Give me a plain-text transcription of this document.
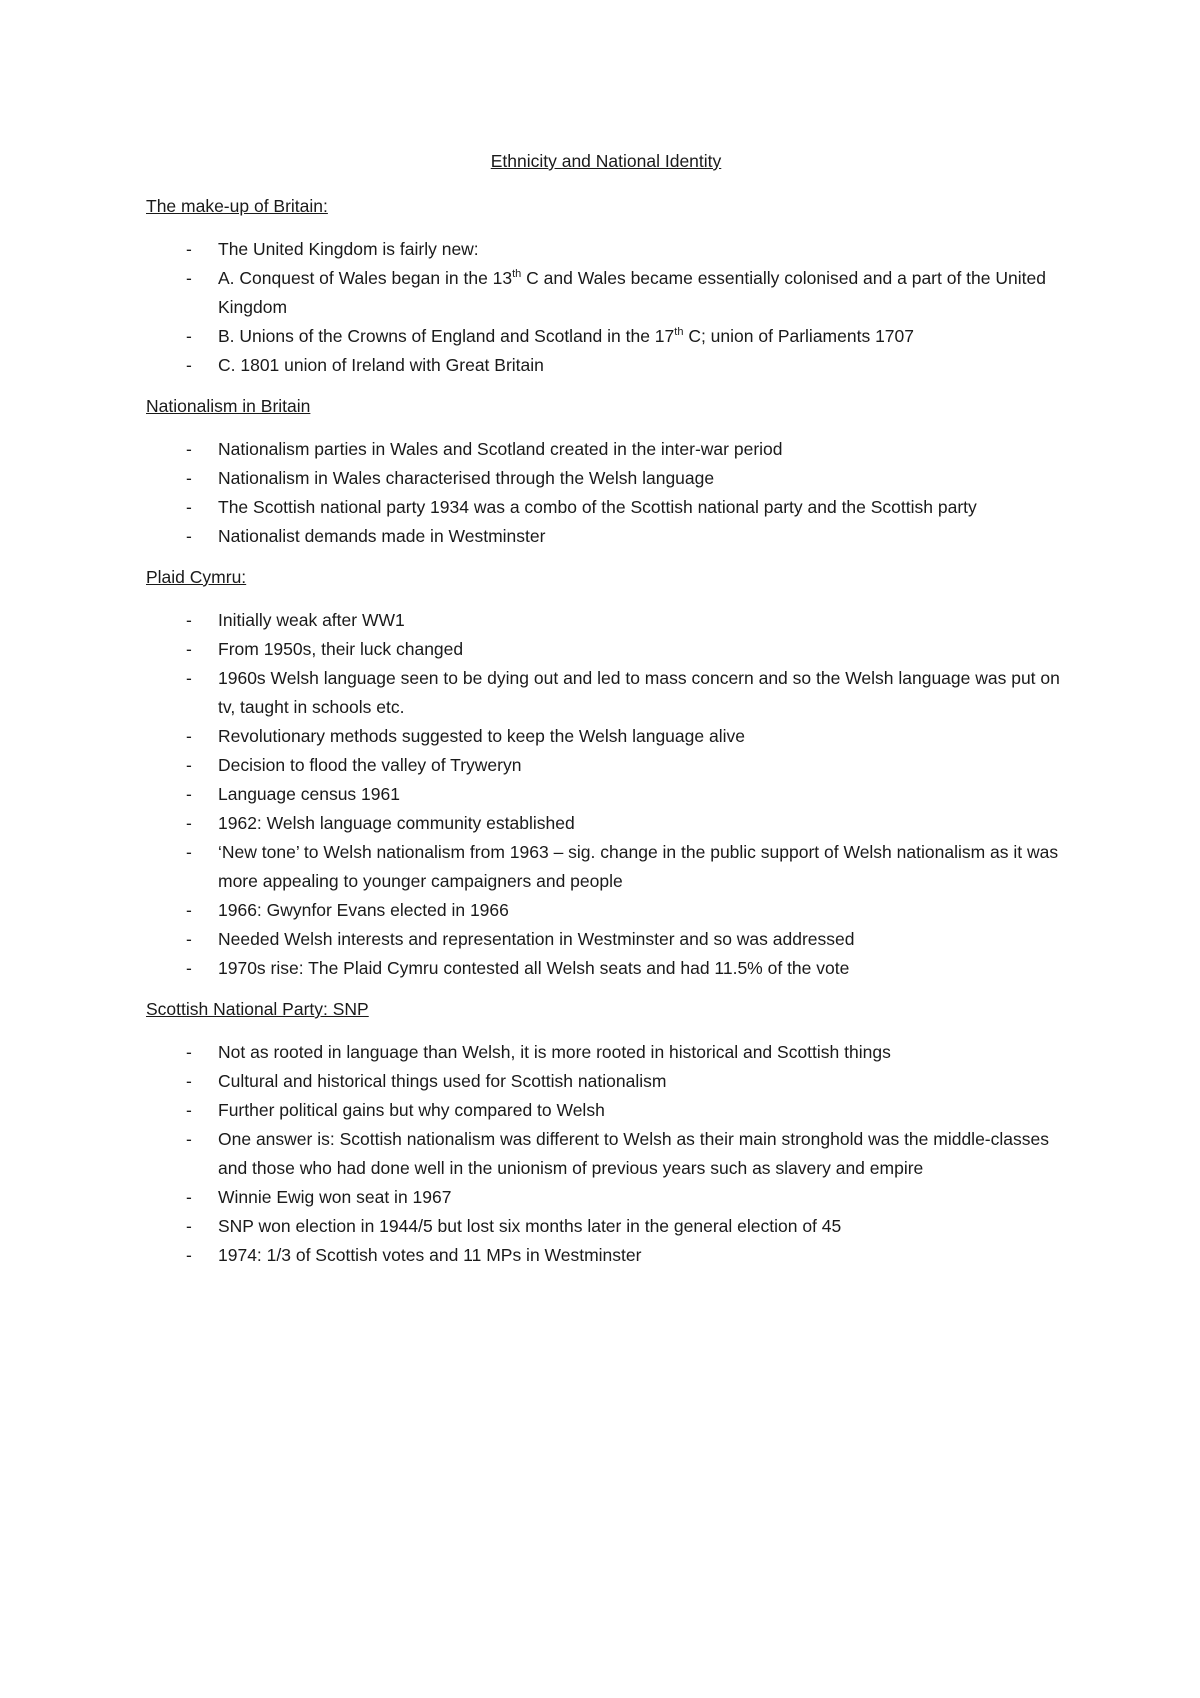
Ethnicity and National Identity
The make-up of Britain:
- The United Kingdom is fairly new:
- A. Conquest of Wales began in the 13th C and Wales became essentially colonised and a part of the United Kingdom
- B. Unions of the Crowns of England and Scotland in the 17th C; union of Parliaments 1707
- C. 1801 union of Ireland with Great Britain
Nationalism in Britain
- Nationalism parties in Wales and Scotland created in the inter-war period
- Nationalism in Wales characterised through the Welsh language
- The Scottish national party 1934 was a combo of the Scottish national party and the Scottish party
- Nationalist demands made in Westminster
Plaid Cymru:
- Initially weak after WW1
- From 1950s, their luck changed
- 1960s Welsh language seen to be dying out and led to mass concern and so the Welsh language was put on tv, taught in schools etc.
- Revolutionary methods suggested to keep the Welsh language alive
- Decision to flood the valley of Tryweryn
- Language census 1961
- 1962: Welsh language community established
- ‘New tone’ to Welsh nationalism from 1963 – sig. change in the public support of Welsh nationalism as it was more appealing to younger campaigners and people
- 1966: Gwynfor Evans elected in 1966
- Needed Welsh interests and representation in Westminster and so was addressed
- 1970s rise: The Plaid Cymru contested all Welsh seats and had 11.5% of the vote
Scottish National Party: SNP
- Not as rooted in language than Welsh, it is more rooted in historical and Scottish things
- Cultural and historical things used for Scottish nationalism
- Further political gains but why compared to Welsh
- One answer is: Scottish nationalism was different to Welsh as their main stronghold was the middle-classes and those who had done well in the unionism of previous years such as slavery and empire
- Winnie Ewig won seat in 1967
- SNP won election in 1944/5 but lost six months later in the general election of 45
- 1974: 1/3 of Scottish votes and 11 MPs in Westminster
